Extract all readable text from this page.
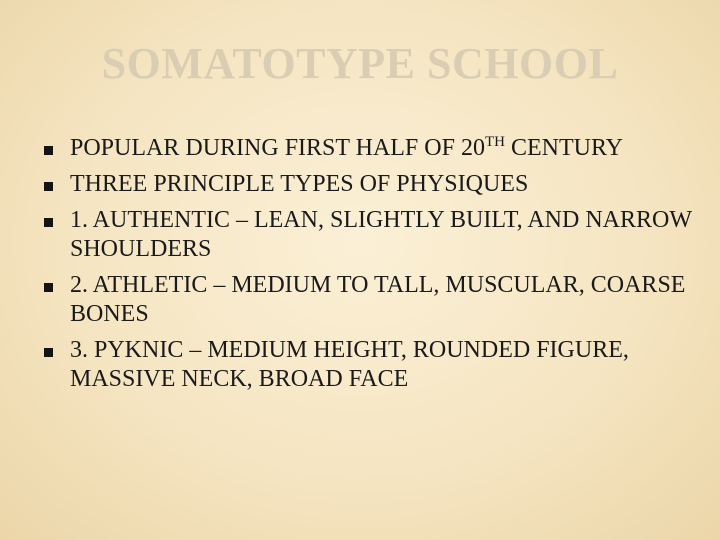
SOMATOTYPE SCHOOL
POPULAR DURING FIRST HALF OF 20TH CENTURY
THREE PRINCIPLE TYPES OF PHYSIQUES
1. AUTHENTIC – LEAN, SLIGHTLY BUILT, AND NARROW SHOULDERS
2. ATHLETIC – MEDIUM TO TALL, MUSCULAR, COARSE BONES
3. PYKNIC – MEDIUM HEIGHT, ROUNDED FIGURE, MASSIVE NECK, BROAD FACE
